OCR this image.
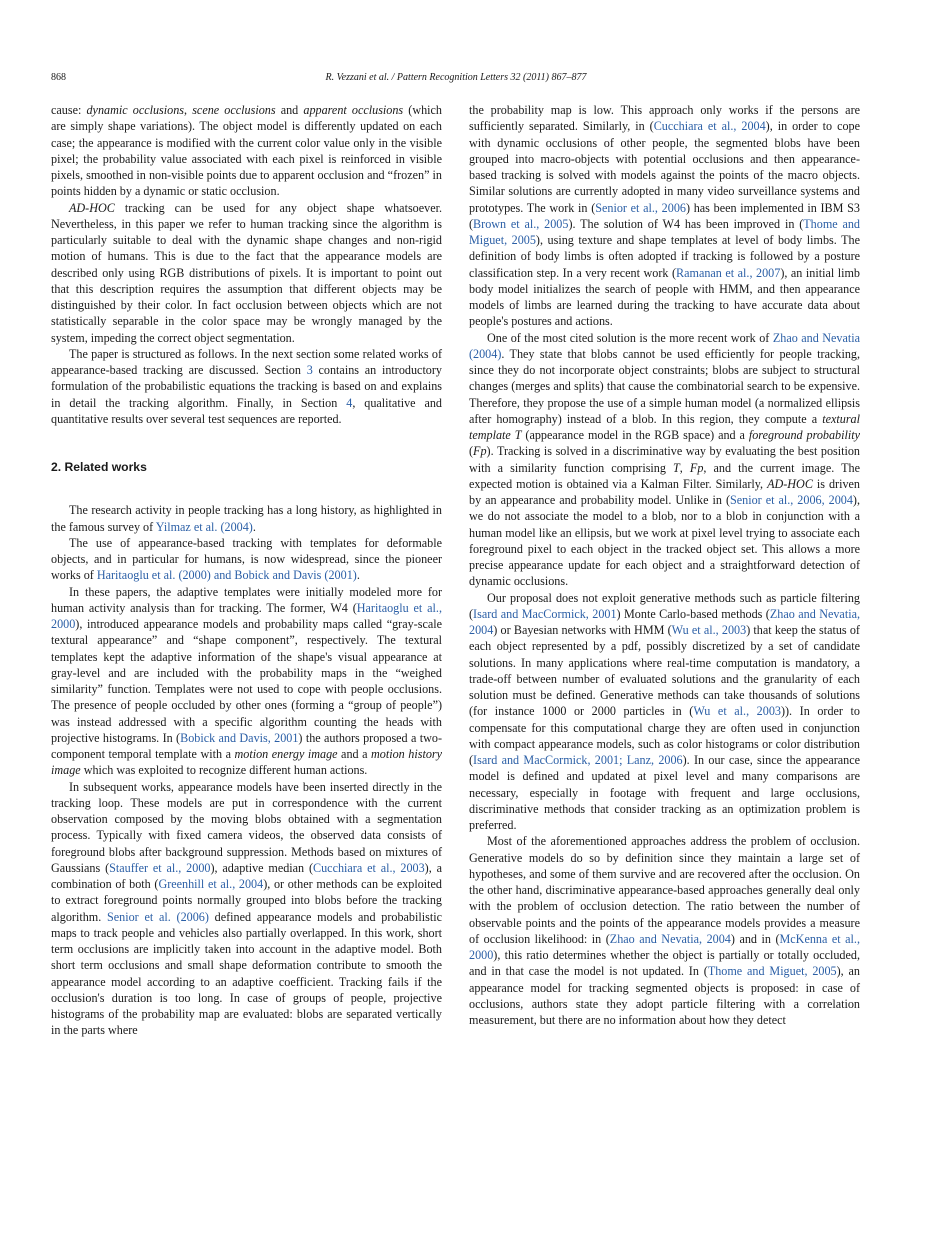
868	R. Vezzani et al. / Pattern Recognition Letters 32 (2011) 867–877

cause: dynamic occlusions, scene occlusions and apparent occlusions (which are simply shape variations). The object model is differently updated on each case; the appearance is modified with the current color value only in the visible pixel; the probability value associated with each pixel is reinforced in visible pixels, smoothed in non-visible points due to apparent occlusion and “frozen” in points hidden by a dynamic or static occlusion.

AD-HOC tracking can be used for any object shape whatsoever. Nevertheless, in this paper we refer to human tracking since the algorithm is particularly suitable to deal with the dynamic shape changes and non-rigid motion of humans. This is due to the fact that the appearance models are described only using RGB distributions of pixels. It is important to point out that this description requires the assumption that different objects may be distinguished by their color. In fact occlusion between objects which are not statistically separable in the color space may be wrongly managed by the system, impeding the correct object segmentation.

The paper is structured as follows. In the next section some related works of appearance-based tracking are discussed. Section 3 contains an introductory formulation of the probabilistic equations the tracking is based on and explains in detail the tracking algorithm. Finally, in Section 4, qualitative and quantitative results over several test sequences are reported.

2. Related works

The research activity in people tracking has a long history, as highlighted in the famous survey of Yilmaz et al. (2004).

The use of appearance-based tracking with templates for deformable objects, and in particular for humans, is now widespread, since the pioneer works of Haritaoglu et al. (2000) and Bobick and Davis (2001).

In these papers, the adaptive templates were initially modeled more for human activity analysis than for tracking. The former, W4 (Haritaoglu et al., 2000), introduced appearance models and probability maps called “gray-scale textural appearance” and “shape component”, respectively. The textural templates kept the adaptive information of the shape's visual appearance at gray-level and are included with the probability maps in the “weighed similarity” function. Templates were not used to cope with people occlusions. The presence of people occluded by other ones (forming a “group of people”) was instead addressed with a specific algorithm counting the heads with projective histograms. In (Bobick and Davis, 2001) the authors proposed a two-component temporal template with a motion energy image and a motion history image which was exploited to recognize different human actions.

In subsequent works, appearance models have been inserted directly in the tracking loop. These models are put in correspondence with the current observation composed by the moving blobs obtained with a segmentation process. Typically with fixed camera videos, the observed data consists of foreground blobs after background suppression. Methods based on mixtures of Gaussians (Stauffer et al., 2000), adaptive median (Cucchiara et al., 2003), a combination of both (Greenhill et al., 2004), or other methods can be exploited to extract foreground points normally grouped into blobs before the tracking algorithm. Senior et al. (2006) defined appearance models and probabilistic maps to track people and vehicles also partially overlapped. In this work, short term occlusions are implicitly taken into account in the adaptive model. Both short term occlusions and small shape deformation contribute to smooth the appearance model according to an adaptive coefficient. Tracking fails if the occlusion's duration is too long. In case of groups of people, projective histograms of the probability map are evaluated: blobs are separated vertically in the parts where

the probability map is low. This approach only works if the persons are sufficiently separated. Similarly, in (Cucchiara et al., 2004), in order to cope with dynamic occlusions of other people, the segmented blobs have been grouped into macro-objects with potential occlusions and then appearance-based tracking is solved with models against the points of the macro objects. Similar solutions are currently adopted in many video surveillance systems and prototypes. The work in (Senior et al., 2006) has been implemented in IBM S3 (Brown et al., 2005). The solution of W4 has been improved in (Thome and Miguet, 2005), using texture and shape templates at level of body limbs. The definition of body limbs is often adopted if tracking is followed by a posture classification step. In a very recent work (Ramanan et al., 2007), an initial limb body model initializes the search of people with HMM, and then appearance models of limbs are learned during the tracking to have accurate data about people's postures and actions.

One of the most cited solution is the more recent work of Zhao and Nevatia (2004). They state that blobs cannot be used efficiently for people tracking, since they do not incorporate object constraints; blobs are subject to structural changes (merges and splits) that cause the combinatorial search to be expensive. Therefore, they propose the use of a simple human model (a normalized ellipsis after homography) instead of a blob. In this region, they compute a textural template T (appearance model in the RGB space) and a foreground probability (Fp). Tracking is solved in a discriminative way by evaluating the best position with a similarity function comprising T, Fp, and the current image. The expected motion is obtained via a Kalman Filter. Similarly, AD-HOC is driven by an appearance and probability model. Unlike in (Senior et al., 2006, 2004), we do not associate the model to a blob, nor to a blob in conjunction with a human model like an ellipsis, but we work at pixel level trying to associate each foreground pixel to each object in the tracked object set. This allows a more precise appearance update for each object and a straightforward detection of dynamic occlusions.

Our proposal does not exploit generative methods such as particle filtering (Isard and MacCormick, 2001) Monte Carlo-based methods (Zhao and Nevatia, 2004) or Bayesian networks with HMM (Wu et al., 2003) that keep the status of each object represented by a pdf, possibly discretized by a set of candidate solutions. In many applications where real-time computation is mandatory, a trade-off between number of evaluated solutions and the granularity of each solution must be defined. Generative methods can take thousands of solutions (for instance 1000 or 2000 particles in (Wu et al., 2003)). In order to compensate for this computational charge they are often used in conjunction with compact appearance models, such as color histograms or color distribution (Isard and MacCormick, 2001; Lanz, 2006). In our case, since the appearance model is defined and updated at pixel level and many comparisons are necessary, especially in footage with frequent and large occlusions, discriminative methods that consider tracking as an optimization problem is preferred.

Most of the aforementioned approaches address the problem of occlusion. Generative models do so by definition since they maintain a large set of hypotheses, and some of them survive and are recovered after the occlusion. On the other hand, discriminative appearance-based approaches generally deal only with the problem of occlusion detection. The ratio between the number of observable points and the points of the appearance models provides a measure of occlusion likelihood: in (Zhao and Nevatia, 2004) and in (McKenna et al., 2000), this ratio determines whether the object is partially or totally occluded, and in that case the model is not updated. In (Thome and Miguet, 2005), an appearance model for tracking segmented objects is proposed: in case of occlusions, authors state they adopt particle filtering with a correlation measurement, but there are no information about how they detect
